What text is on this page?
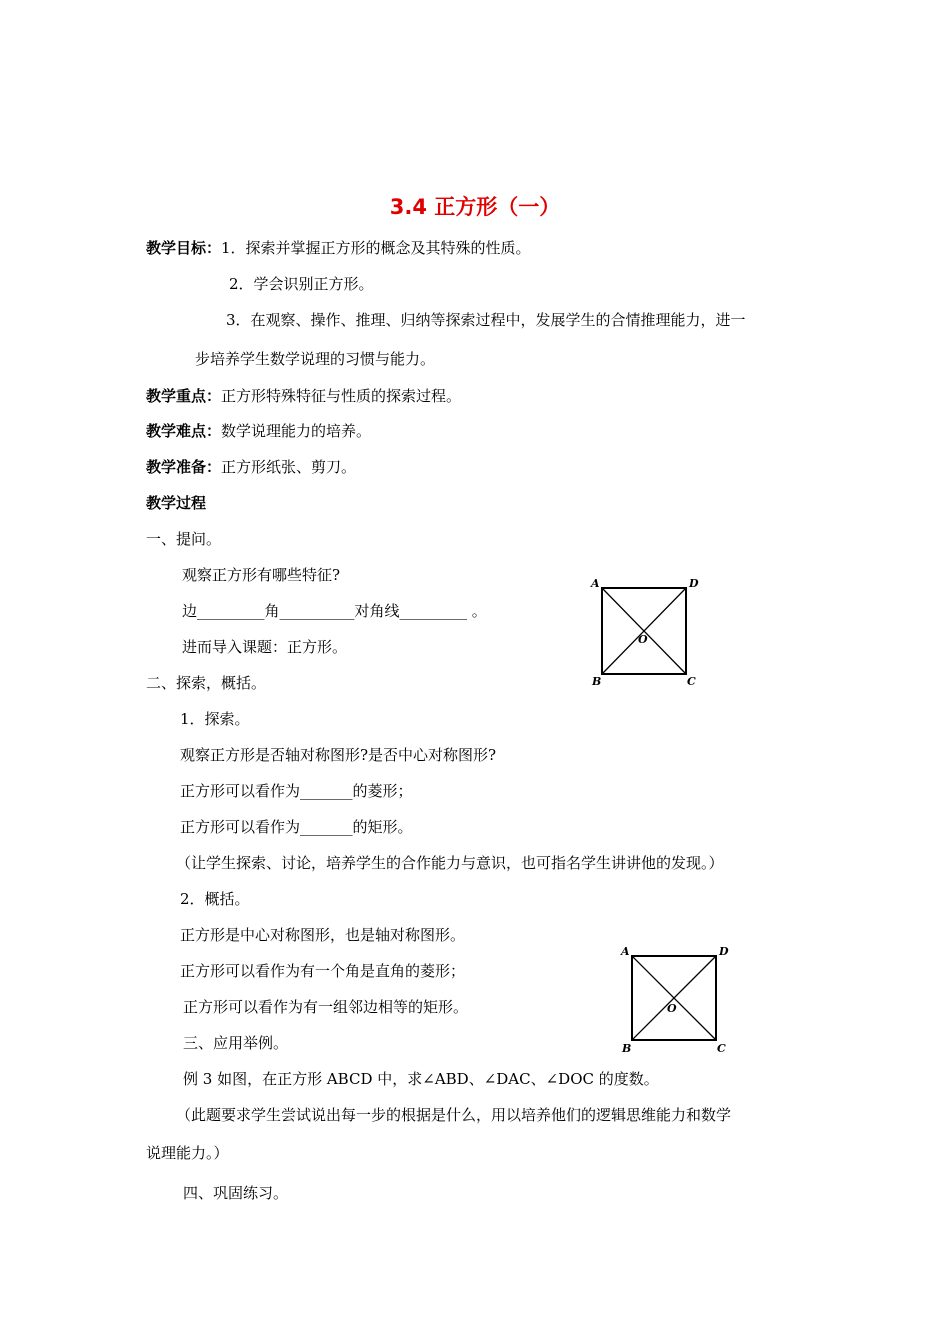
3.4 正方形（一）
教学目标：1．探索并掌握正方形的概念及其特殊的性质。
2．学会识别正方形。
3．在观察、操作、推理、归纳等探索过程中，发展学生的合情推理能力，进一
步培养学生数学说理的习惯与能力。
教学重点：正方形特殊特征与性质的探索过程。
教学难点：数学说理能力的培养。
教学准备：正方形纸张、剪刀。
教学过程
一、提问。
观察正方形有哪些特征?
边_________角__________对角线_________ 。
进而导入课题：正方形。
二、探索，概括。
1．探索。
观察正方形是否轴对称图形?是否中心对称图形?
正方形可以看作为_______的菱形；
正方形可以看作为_______的矩形。
（让学生探索、讨论，培养学生的合作能力与意识，也可指名学生讲讲他的发现。）
2．概括。
正方形是中心对称图形，也是轴对称图形。
正方形可以看作为有一个角是直角的菱形；
正方形可以看作为有一组邻边相等的矩形。
三、应用举例。
例 3 如图，在正方形 ABCD 中，求∠ABD、∠DAC、∠DOC 的度数。
（此题要求学生尝试说出每一步的根据是什么，用以培养他们的逻辑思维能力和数学
说理能力。）
四、巩固练习。
A	D
B	C
O
A	D
B	C
O
